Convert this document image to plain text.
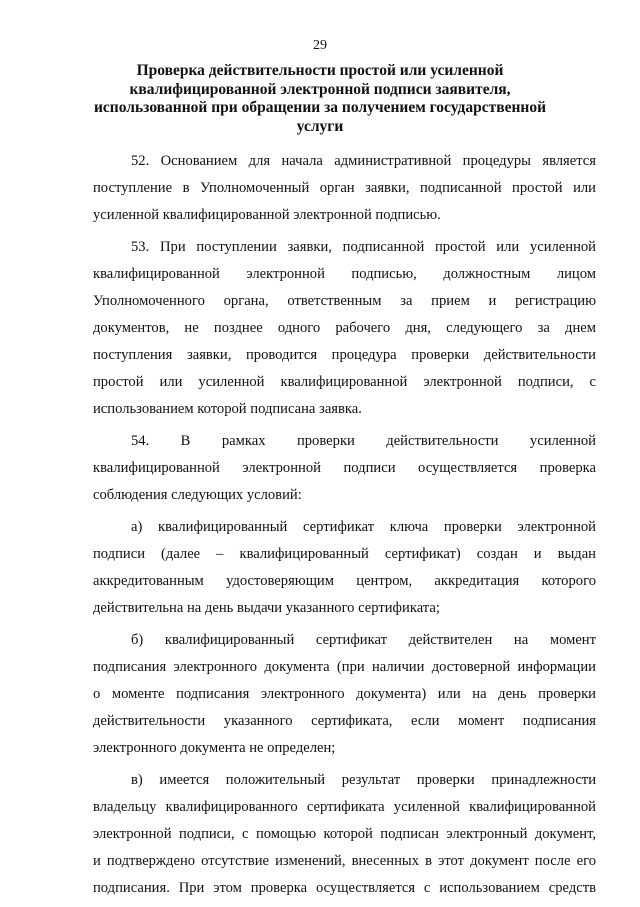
29
Проверка действительности простой или усиленной
квалифицированной электронной подписи заявителя,
использованной при обращении за получением государственной
услуги
52. Основанием для начала административной процедуры является
поступление в Уполномоченный орган заявки, подписанной простой или
усиленной квалифицированной электронной подписью.
53. При поступлении заявки, подписанной простой или усиленной
квалифицированной электронной подписью, должностным лицом
Уполномоченного органа, ответственным за прием и регистрацию
документов, не позднее одного рабочего дня, следующего за днем
поступления заявки, проводится процедура проверки действительности
простой или усиленной квалифицированной электронной подписи, с
использованием которой подписана заявка.
54. В рамках проверки действительности усиленной
квалифицированной электронной подписи осуществляется проверка
соблюдения следующих условий:
а) квалифицированный сертификат ключа проверки электронной
подписи (далее – квалифицированный сертификат) создан и выдан
аккредитованным удостоверяющим центром, аккредитация которого
действительна на день выдачи указанного сертификата;
б) квалифицированный сертификат действителен на момент
подписания электронного документа (при наличии достоверной информации
о моменте подписания электронного документа) или на день проверки
действительности указанного сертификата, если момент подписания
электронного документа не определен;
в) имеется положительный результат проверки принадлежности
владельцу квалифицированного сертификата усиленной квалифицированной
электронной подписи, с помощью которой подписан электронный документ,
и подтверждено отсутствие изменений, внесенных в этот документ после его
подписания. При этом проверка осуществляется с использованием средств
